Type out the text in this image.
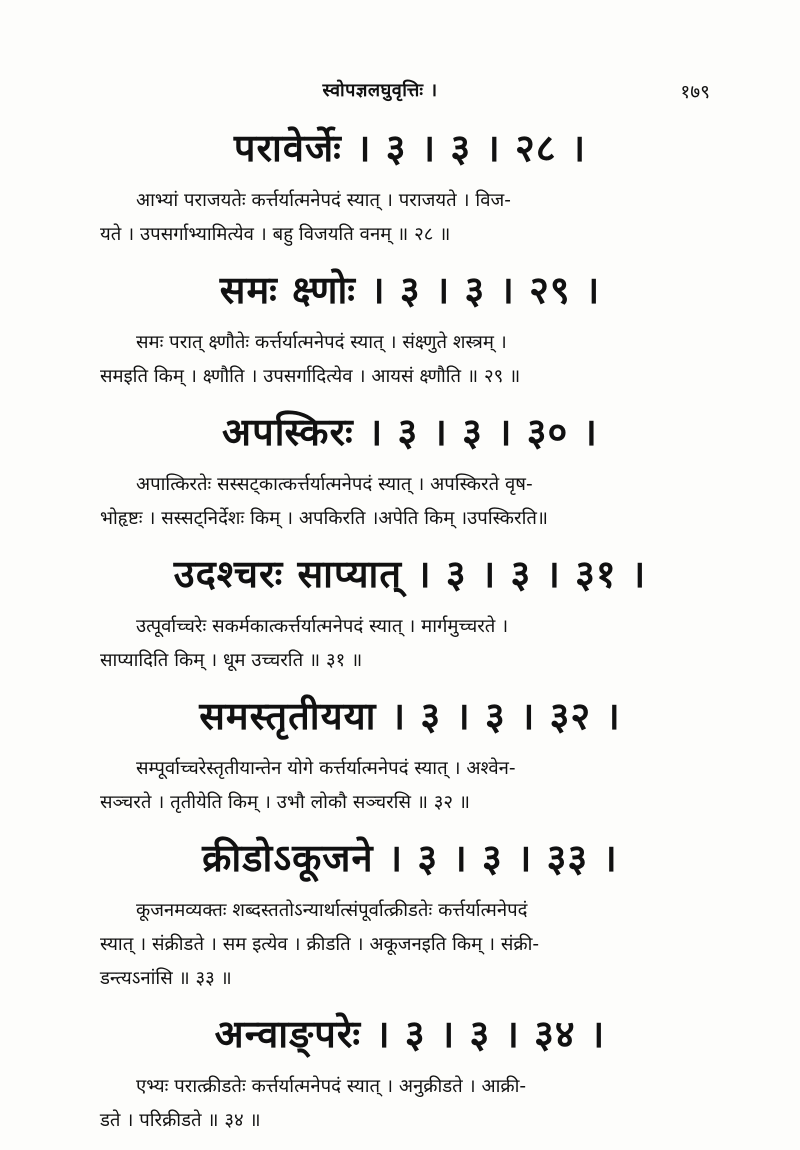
स्वोपज्ञलघुवृत्तिः ।	१७९
परावेर्जेः । ३ । ३ । २८ ।
आभ्यां पराजयतेः कर्त्तर्यात्मनेपदं स्यात् । पराजयते । विज-
यते । उपसर्गाभ्यामित्येव । बहु विजयति वनम् ॥ २८ ॥
समः क्ष्णोः । ३ । ३ । २९ ।
समः परात् क्ष्णौतेः कर्त्तर्यात्मनेपदं स्यात् । संक्ष्णुते शस्त्रम् ।
समइति किम् । क्ष्णौति । उपसर्गादित्येव । आयसं क्ष्णौति ॥ २९ ॥
अपस्किरः । ३ । ३ । ३० ।
अपात्किरतेः सस्सट्कात्कर्त्तर्यात्मनेपदं स्यात् । अपस्किरते वृष-
भोहृष्टः । सस्सट्निर्देशः किम् । अपकिरति ।अपेति किम् ।उपस्किरति॥
उदश्चरः साप्यात् । ३ । ३ । ३१ ।
उत्पूर्वाच्चरेः सकर्मकात्कर्त्तर्यात्मनेपदं स्यात् । मार्गमुच्चरते ।
साप्यादिति किम् । धूम उच्चरति ॥ ३१ ॥
समस्तृतीयया । ३ । ३ । ३२ ।
सम्पूर्वाच्चरेस्तृतीयान्तेन योगे कर्त्तर्यात्मनेपदं स्यात् । अश्वेन-
सञ्चरते । तृतीयेति किम् । उभौ लोकौ सञ्चरसि ॥ ३२ ॥
क्रीडोऽकूजने । ३ । ३ । ३३ ।
कूजनमव्यक्तः शब्दस्ततोऽन्यार्थात्संपूर्वात्क्रीडतेः कर्त्तर्यात्मनेपदं
स्यात् । संक्रीडते । सम इत्येव । क्रीडति । अकूजनइति किम् । संक्री-
डन्त्यऽनांसि ॥ ३३ ॥
अन्वाङ्परेः । ३ । ३ । ३४ ।
एभ्यः परात्क्रीडतेः कर्त्तर्यात्मनेपदं स्यात् । अनुक्रीडते । आक्री-
डते । परिक्रीडते ॥ ३४ ॥
